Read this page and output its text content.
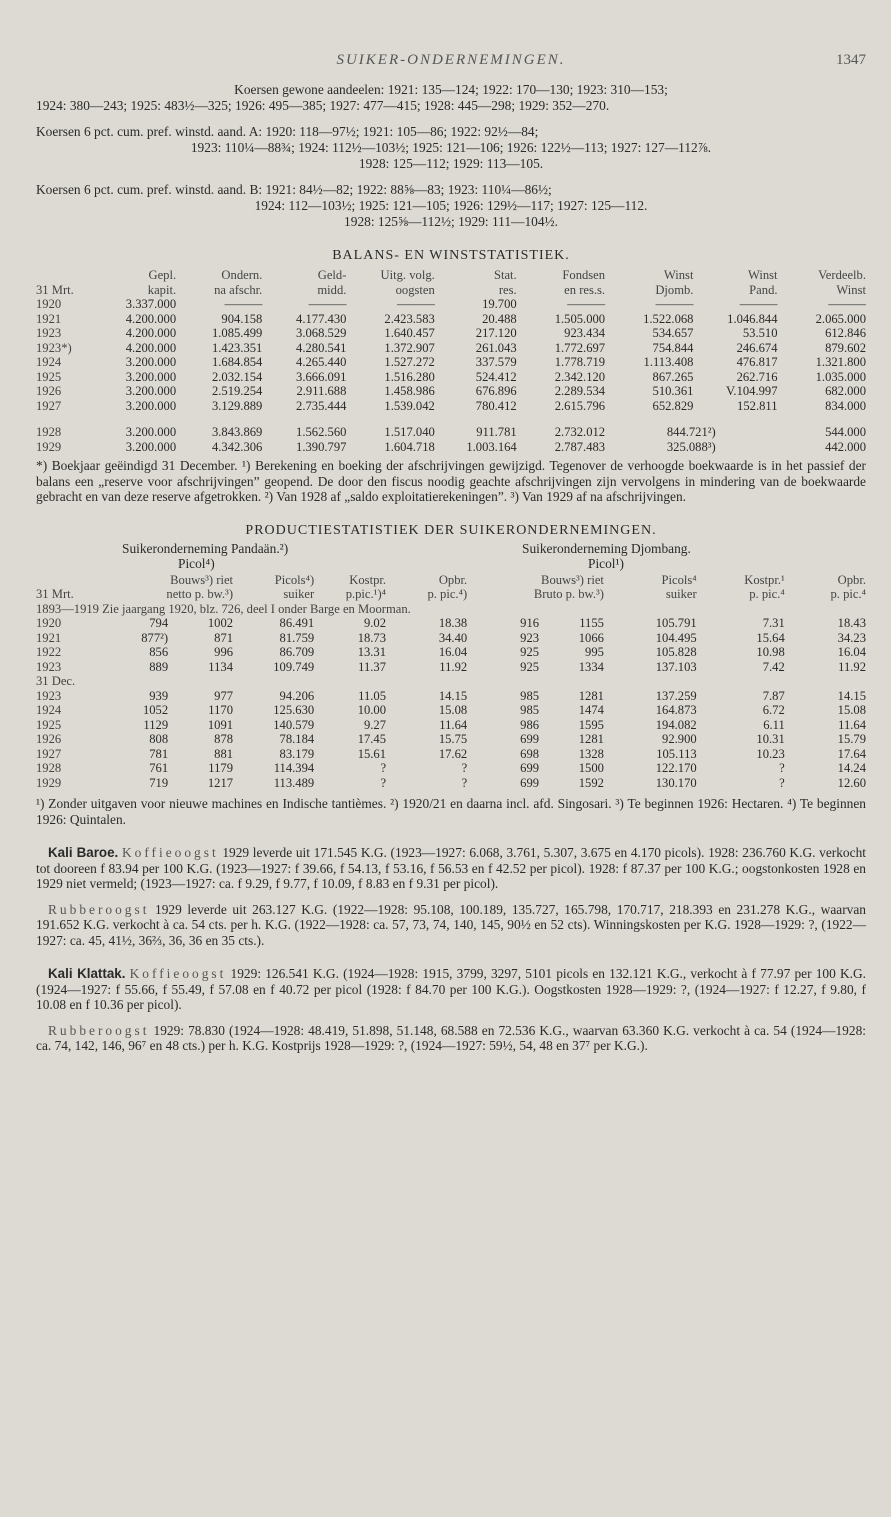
SUIKER-ONDERNEMINGEN.	1347

Koersen gewone aandeelen: 1921: 135—124; 1922: 170—130; 1923: 310—153;

1924: 380—243; 1925: 483½—325; 1926: 495—385; 1927: 477—415; 1928: 445—298; 1929: 352—270.

Koersen 6 pct. cum. pref. winstd. aand. A: 1920: 118—97½; 1921: 105—86; 1922: 92½—84;

1923: 110¼—88¾; 1924: 112½—103½; 1925: 121—106; 1926: 122½—113; 1927: 127—112⅞.

1928: 125—112; 1929: 113—105.

Koersen 6 pct. cum. pref. winstd. aand. B: 1921: 84½—82; 1922: 88⅝—83; 1923: 110¼—86½;

1924: 112—103½; 1925: 121—105; 1926: 129½—117; 1927: 125—112.

1928: 125⅝—112½; 1929: 111—104½.

BALANS- EN WINSTSTATISTIEK.

	Gepl.	Ondern.	Geld-	Uitg. volg.	Stat.	Fondsen	Winst	Winst	Verdeelb.
31 Mrt.	kapit.	na afschr.	midd.	oogsten	res.	en res.s.	Djomb.	Pand.	Winst
1920	3.337.000	———	———	———	19.700	———	———	———	———
1921	4.200.000	904.158	4.177.430	2.423.583	20.488	1.505.000	1.522.068	1.046.844	2.065.000
1923	4.200.000	1.085.499	3.068.529	1.640.457	217.120	923.434	534.657	53.510	612.846
1923*)	4.200.000	1.423.351	4.280.541	1.372.907	261.043	1.772.697	754.844	246.674	879.602
1924	3.200.000	1.684.854	4.265.440	1.527.272	337.579	1.778.719	1.113.408	476.817	1.321.800
1925	3.200.000	2.032.154	3.666.091	1.516.280	524.412	2.342.120	867.265	262.716	1.035.000
1926	3.200.000	2.519.254	2.911.688	1.458.986	676.896	2.289.534	510.361	V.104.997	682.000
1927	3.200.000	3.129.889	2.735.444	1.539.042	780.412	2.615.796	652.829	152.811	834.000

1928	3.200.000	3.843.869	1.562.560	1.517.040	911.781	2.732.012	844.721²)		544.000
1929	3.200.000	4.342.306	1.390.797	1.604.718	1.003.164	2.787.483	325.088³)		442.000

*) Boekjaar geëindigd 31 December. ¹) Berekening en boeking der afschrijvingen gewijzigd. Tegenover de verhoogde boekwaarde is in het passief der balans een „reserve voor afschrijvingen” geopend. De door den fiscus noodig geachte afschrijvingen zijn vervolgens in mindering van de boekwaarde gebracht en van deze reserve afgetrokken. ²) Van 1928 af „saldo exploitatierekeningen”. ³) Van 1929 af na afschrijvingen.

PRODUCTIESTATISTIEK DER SUIKERONDERNEMINGEN.

Suikeronderneming Pandaän.²)
Picol⁴)
Suikeronderneming Djombang.
Picol¹)
	Bouws³) riet		Picols⁴)	Kostpr.	Opbr.	Bouws³) riet		Picols⁴	Kostpr.¹	Opbr.
31 Mrt.	netto p. bw.³)		suiker	p.pic.¹)⁴	p. pic.⁴)	Bruto p. bw.³)		suiker	p. pic.⁴	p. pic.⁴
1893—1919 Zie jaargang 1920, blz. 726, deel I onder Barge en Moorman.										
1920	794	1002	86.491	9.02	18.38	916	1155	105.791	7.31	18.43
1921	877²)	871	81.759	18.73	34.40	923	1066	104.495	15.64	34.23
1922	856	996	86.709	13.31	16.04	925	995	105.828	10.98	16.04
1923	889	1134	109.749	11.37	11.92	925	1334	137.103	7.42	11.92
31 Dec.										
1923	939	977	94.206	11.05	14.15	985	1281	137.259	7.87	14.15
1924	1052	1170	125.630	10.00	15.08	985	1474	164.873	6.72	15.08
1925	1129	1091	140.579	9.27	11.64	986	1595	194.082	6.11	11.64
1926	808	878	78.184	17.45	15.75	699	1281	92.900	10.31	15.79
1927	781	881	83.179	15.61	17.62	698	1328	105.113	10.23	17.64
1928	761	1179	114.394	?	?	699	1500	122.170	?	14.24
1929	719	1217	113.489	?	?	699	1592	130.170	?	12.60

¹) Zonder uitgaven voor nieuwe machines en Indische tantièmes. ²) 1920/21 en daarna incl. afd. Singosari. ³) Te beginnen 1926: Hectaren. ⁴) Te beginnen 1926: Quintalen.

Kali Baroe. Koffieoogst 1929 leverde uit 171.545 K.G. (1923—1927: 6.068, 3.761, 5.307, 3.675 en 4.170 picols). 1928: 236.760 K.G. verkocht tot dooreen f 83.94 per 100 K.G. (1923—1927: f 39.66, f 54.13, f 53.16, f 56.53 en f 42.52 per picol). 1928: f 87.37 per 100 K.G.; oogstonkosten 1928 en 1929 niet vermeld; (1923—1927: ca. f 9.29, f 9.77, f 10.09, f 8.83 en f 9.31 per picol).

Rubberoogst 1929 leverde uit 263.127 K.G. (1922—1928: 95.108, 100.189, 135.727, 165.798, 170.717, 218.393 en 231.278 K.G., waarvan 191.652 K.G. verkocht à ca. 54 cts. per h. K.G. (1922—1928: ca. 57, 73, 74, 140, 145, 90½ en 52 cts). Winningskosten per K.G. 1928—1929: ?, (1922—1927: ca. 45, 41½, 36⅔, 36, 36 en 35 cts.).

Kali Klattak. Koffieoogst 1929: 126.541 K.G. (1924—1928: 1915, 3799, 3297, 5101 picols en 132.121 K.G., verkocht à f 77.97 per 100 K.G. (1924—1927: f 55.66, f 55.49, f 57.08 en f 40.72 per picol (1928: f 84.70 per 100 K.G.). Oogstkosten 1928—1929: ?, (1924—1927: f 12.27, f 9.80, f 10.08 en f 10.36 per picol).

Rubberoogst 1929: 78.830 (1924—1928: 48.419, 51.898, 51.148, 68.588 en 72.536 K.G., waarvan 63.360 K.G. verkocht à ca. 54 (1924—1928: ca. 74, 142, 146, 96⁷ en 48 cts.) per h. K.G. Kostprijs 1928—1929: ?, (1924—1927: 59½, 54, 48 en 37⁷ per K.G.).
